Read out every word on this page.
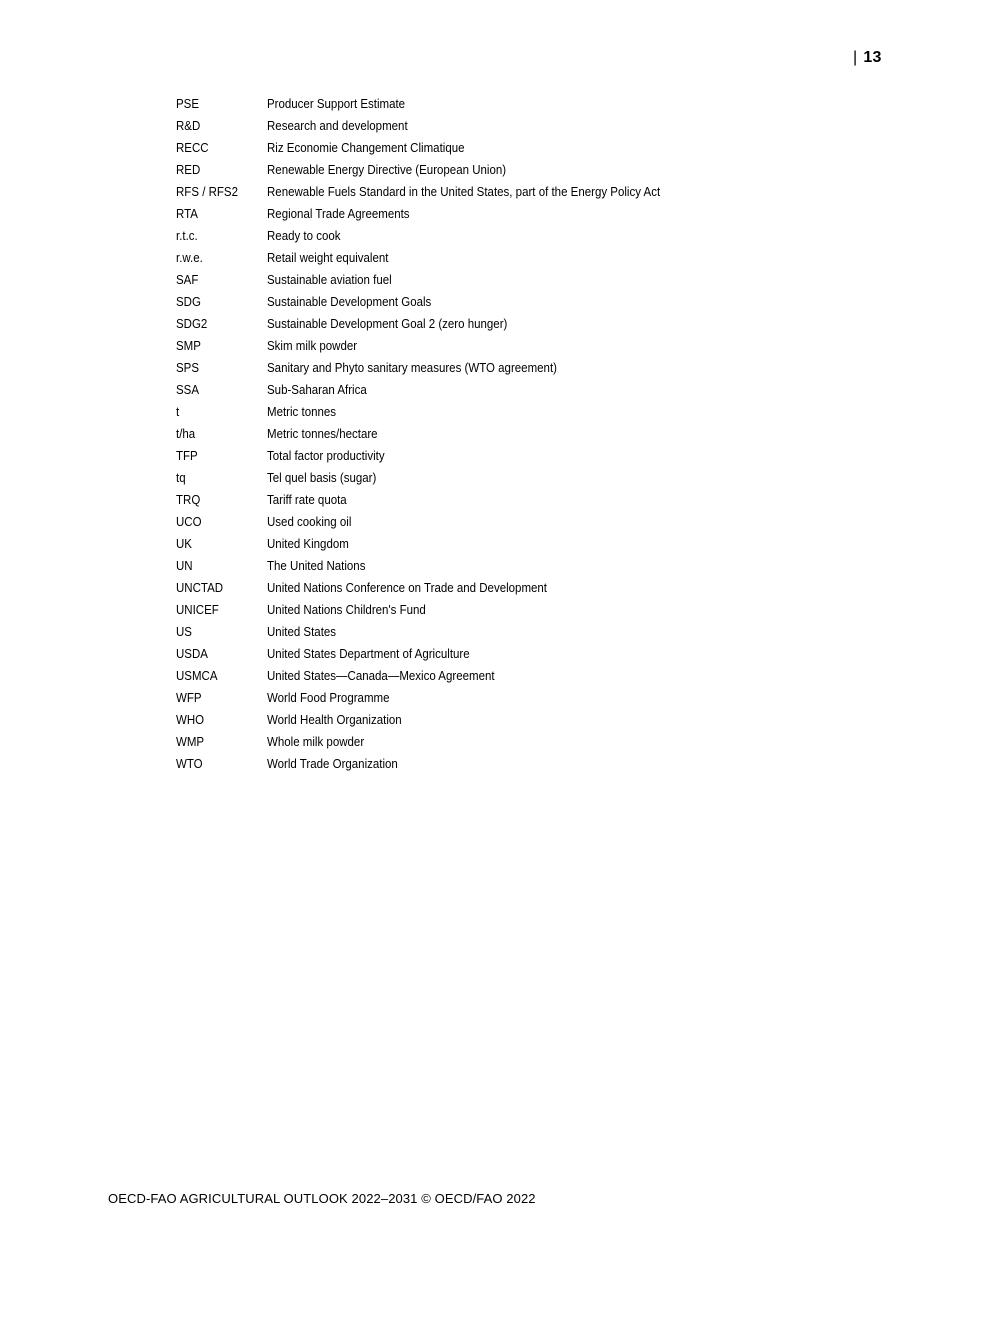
| 13
PSE	Producer Support Estimate
R&D	Research and development
RECC	Riz Economie Changement Climatique
RED	Renewable Energy Directive (European Union)
RFS / RFS2	Renewable Fuels Standard in the United States, part of the Energy Policy Act
RTA	Regional Trade Agreements
r.t.c.	Ready to cook
r.w.e.	Retail weight equivalent
SAF	Sustainable aviation fuel
SDG	Sustainable Development Goals
SDG2	Sustainable Development Goal 2 (zero hunger)
SMP	Skim milk powder
SPS	Sanitary and Phyto sanitary measures (WTO agreement)
SSA	Sub-Saharan Africa
t	Metric tonnes
t/ha	Metric tonnes/hectare
TFP	Total factor productivity
tq	Tel quel basis (sugar)
TRQ	Tariff rate quota
UCO	Used cooking oil
UK	United Kingdom
UN	The United Nations
UNCTAD	United Nations Conference on Trade and Development
UNICEF	United Nations Children's Fund
US	United States
USDA	United States Department of Agriculture
USMCA	United States—Canada—Mexico Agreement
WFP	World Food Programme
WHO	World Health Organization
WMP	Whole milk powder
WTO	World Trade Organization
OECD-FAO AGRICULTURAL OUTLOOK 2022–2031 © OECD/FAO 2022
